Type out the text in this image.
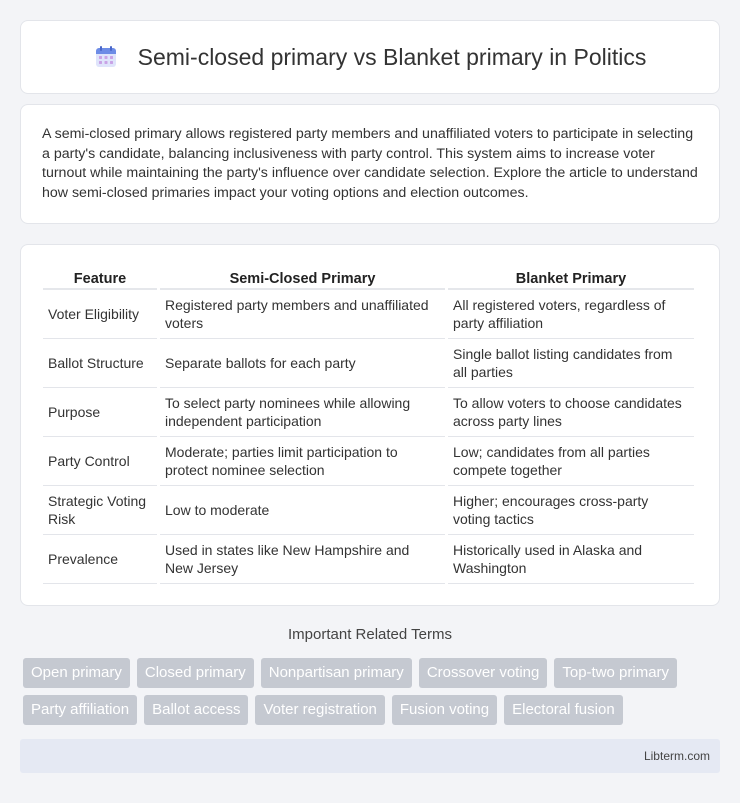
Semi-closed primary vs Blanket primary in Politics

A semi-closed primary allows registered party members and unaffiliated voters to participate in selecting a party's candidate, balancing inclusiveness with party control. This system aims to increase voter turnout while maintaining the party's influence over candidate selection. Explore the article to understand how semi-closed primaries impact your voting options and election outcomes.

Feature	Semi-Closed Primary	Blanket Primary
Voter Eligibility	Registered party members and unaffiliated voters	All registered voters, regardless of party affiliation
Ballot Structure	Separate ballots for each party	Single ballot listing candidates from all parties
Purpose	To select party nominees while allowing independent participation	To allow voters to choose candidates across party lines
Party Control	Moderate; parties limit participation to protect nominee selection	Low; candidates from all parties compete together
Strategic Voting Risk	Low to moderate	Higher; encourages cross-party voting tactics
Prevalence	Used in states like New Hampshire and New Jersey	Historically used in Alaska and Washington
Important Related Terms
Open primary	Closed primary	Nonpartisan primary	Crossover voting	Top-two primary
Party affiliation	Ballot access	Voter registration	Fusion voting	Electoral fusion
Libterm.com
